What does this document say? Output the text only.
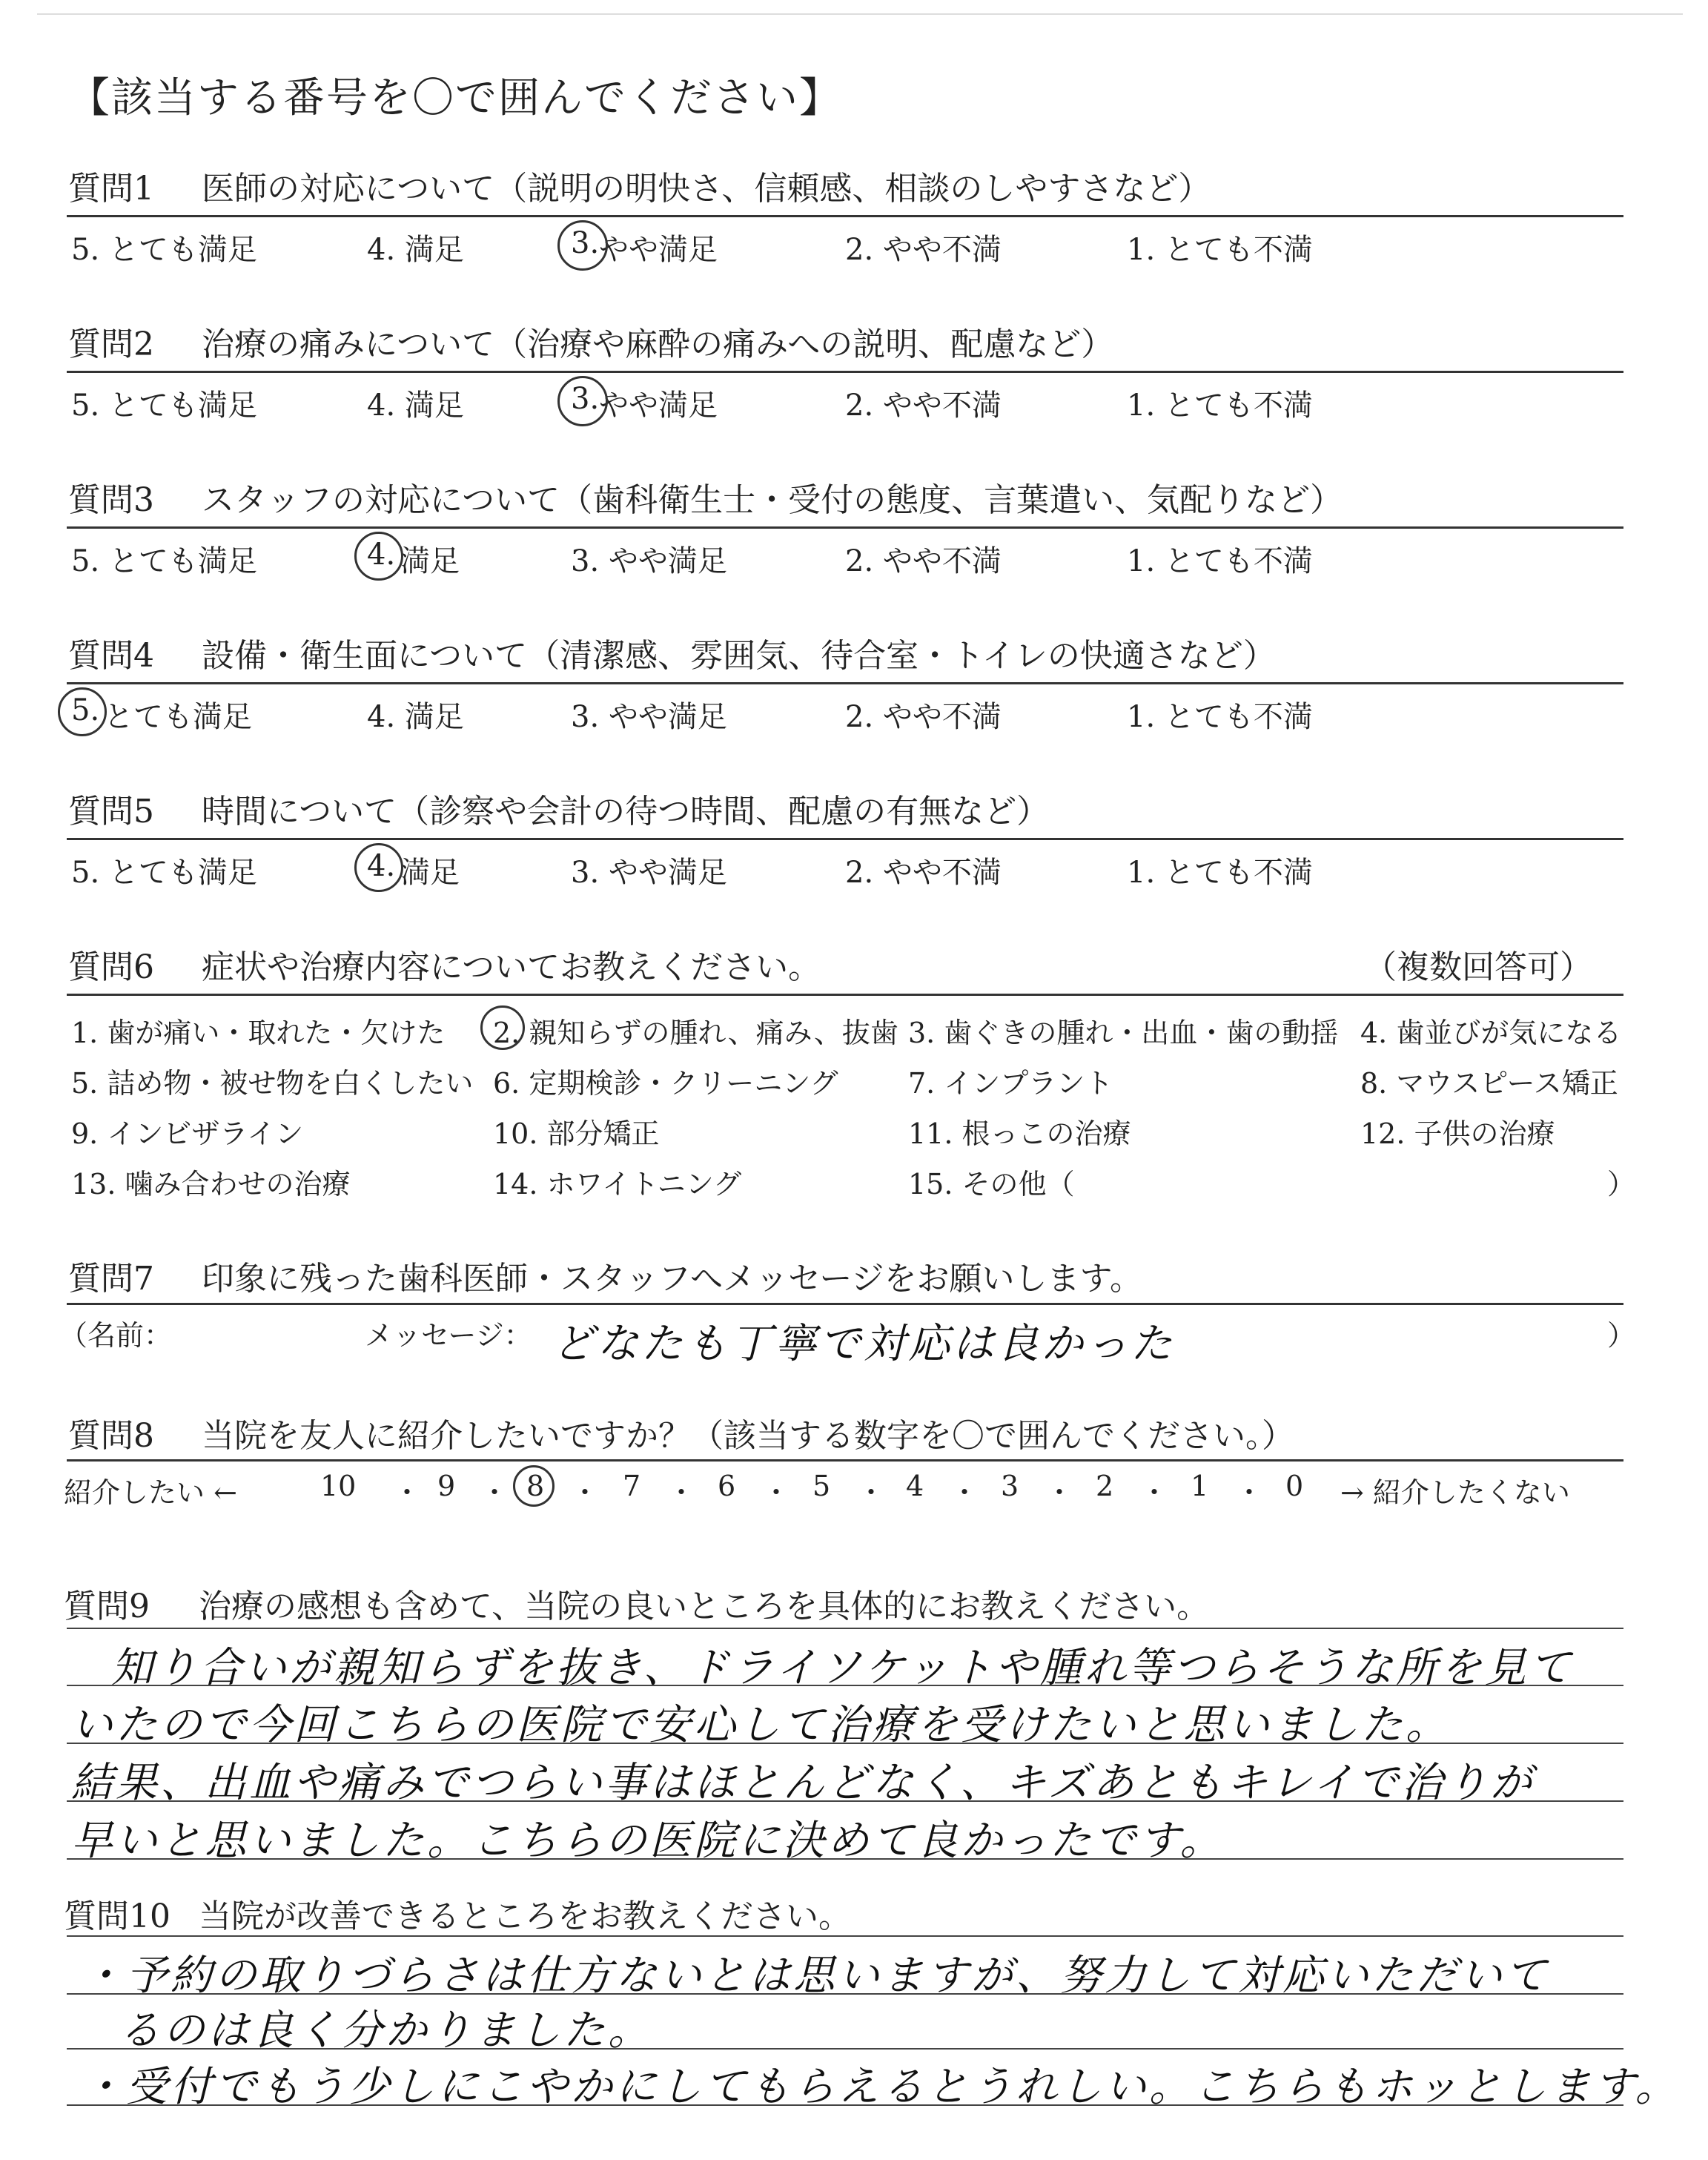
【該当する番号を〇で囲んでください】
質問1 医師の対応について（説明の明快さ、信頼感、相談のしやすさなど）
5. とても満足	4. 満足	3. やや満足	2. やや不満	1. とても不満
質問2 治療の痛みについて（治療や麻酔の痛みへの説明、配慮など）
5. とても満足	4. 満足	3. やや満足	2. やや不満	1. とても不満
質問3 スタッフの対応について（歯科衛生士・受付の態度、言葉遣い、気配りなど）
5. とても満足	4. 満足	3. やや満足	2. やや不満	1. とても不満
質問4 設備・衛生面について（清潔感、雰囲気、待合室・トイレの快適さなど）
5. とても満足	4. 満足	3. やや満足	2. やや不満	1. とても不満
質問5 時間について（診察や会計の待つ時間、配慮の有無など）
5. とても満足	4. 満足	3. やや満足	2. やや不満	1. とても不満
質問6 症状や治療内容についてお教えください。	（複数回答可）
1. 歯が痛い・取れた・欠けた 2. 親知らずの腫れ、痛み、抜歯 3. 歯ぐきの腫れ・出血・歯の動揺 4. 歯並びが気になる
5. 詰め物・被せ物を白くしたい 6. 定期検診・クリーニング 7. インプラント	8. マウスピース矯正
9. インビザライン	10. 部分矯正	11. 根っこの治療	12. 子供の治療
13. 噛み合わせの治療	14. ホワイトニング	15. その他（	）
質問7 印象に残った歯科医師・スタッフへメッセージをお願いします。
（名前：	メッセージ： どなたも丁寧で対応は良かった	）
質問8 当院を友人に紹介したいですか？（該当する数字を〇で囲んでください。）
紹介したい ←	10 ・ 9 ・ 8 ・ 7 ・ 6 ・ 5 ・ 4 ・ 3 ・ 2 ・ 1 ・ 0 → 紹介したくない
質問9 治療の感想も含めて、当院の良いところを具体的にお教えください。
知り合いが親知らずを抜き、ドライソケットや腫れ等つらそうな所を見て
いたので今回こちらの医院で安心して治療を受けたいと思いました。
結果、出血や痛みでつらい事はほとんどなく、キズあともキレイで治りが
早いと思いました。こちらの医院に決めて良かったです。
質問10 当院が改善できるところをお教えください。
・予約の取りづらさは仕方ないとは思いますが、努力して対応いただいて
るのは良く分かりました。
・受付でもう少しにこやかにしてもらえるとうれしい。こちらもホッとします。
